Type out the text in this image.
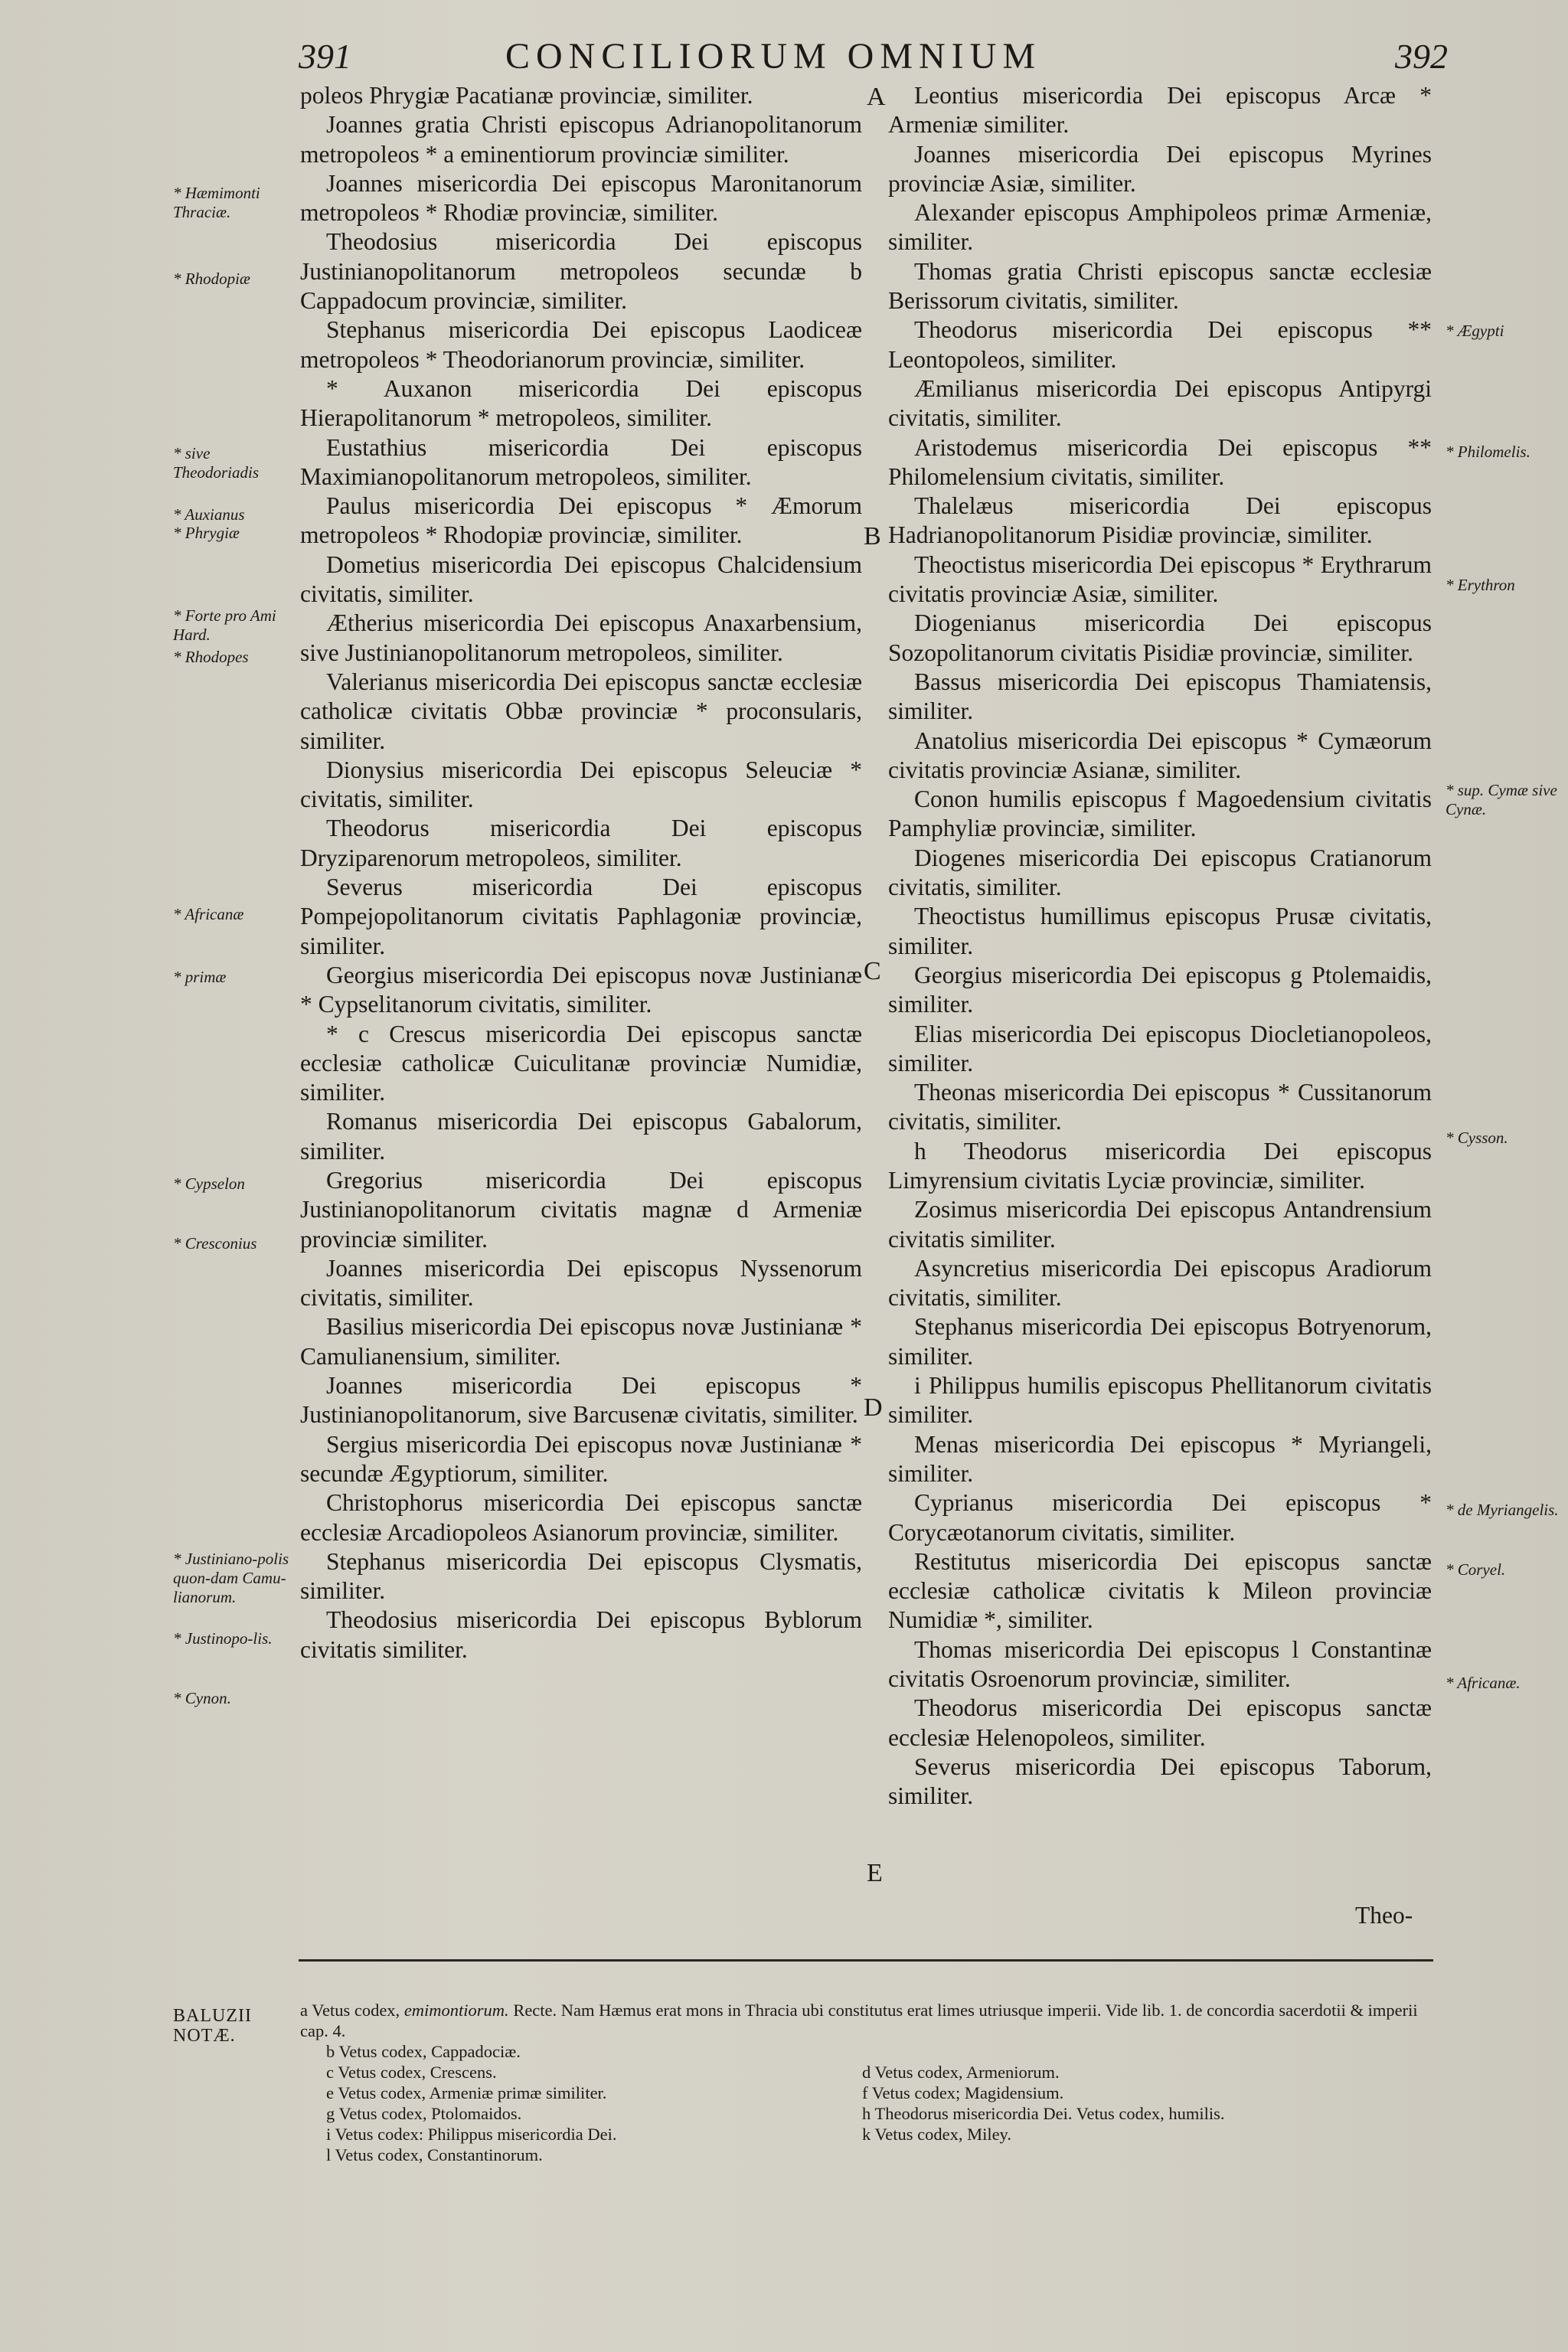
391	CONCILIORUM OMNIUM	392

poleos Phrygiæ Pacatianæ provinciæ, similiter.

Joannes gratia Christi episcopus Adrianopolitanorum metropoleos * a eminentiorum provinciæ similiter.

Joannes misericordia Dei episcopus Maronitanorum metropoleos * Rhodiæ provinciæ, similiter.

Theodosius misericordia Dei episcopus Justinianopolitanorum metropoleos secundæ b Cappadocum provinciæ, similiter.

Stephanus misericordia Dei episcopus Laodiceæ metropoleos * Theodorianorum provinciæ, similiter.

* Auxanon misericordia Dei episcopus Hierapolitanorum * metropoleos, similiter.

Eustathius misericordia Dei episcopus Maximianopolitanorum metropoleos, similiter.

Paulus misericordia Dei episcopus * Æmorum metropoleos * Rhodopiæ provinciæ, similiter.

Dometius misericordia Dei episcopus Chalcidensium civitatis, similiter.

Ætherius misericordia Dei episcopus Anaxarbensium, sive Justinianopolitanorum metropoleos, similiter.

Valerianus misericordia Dei episcopus sanctæ ecclesiæ catholicæ civitatis Obbæ provinciæ * proconsularis, similiter.

Dionysius misericordia Dei episcopus Seleuciæ * civitatis, similiter.

Theodorus misericordia Dei episcopus Dryziparenorum metropoleos, similiter.

Severus misericordia Dei episcopus Pompejopolitanorum civitatis Paphlagoniæ provinciæ, similiter.

Georgius misericordia Dei episcopus novæ Justinianæ * Cypselitanorum civitatis, similiter.

* c Crescus misericordia Dei episcopus sanctæ ecclesiæ catholicæ Cuiculitanæ provinciæ Numidiæ, similiter.

Romanus misericordia Dei episcopus Gabalorum, similiter.

Gregorius misericordia Dei episcopus Justinianopolitanorum civitatis magnæ d Armeniæ provinciæ similiter.

Joannes misericordia Dei episcopus Nyssenorum civitatis, similiter.

Basilius misericordia Dei episcopus novæ Justinianæ * Camulianensium, similiter.

Joannes misericordia Dei episcopus * Justinianopolitanorum, sive Barcusenæ civitatis, similiter.

Sergius misericordia Dei episcopus novæ Justinianæ * secundæ Ægyptiorum, similiter.

Christophorus misericordia Dei episcopus sanctæ ecclesiæ Arcadiopoleos Asianorum provinciæ, similiter.

Stephanus misericordia Dei episcopus Clysmatis, similiter.

Theodosius misericordia Dei episcopus Byblorum civitatis similiter.

Leontius misericordia Dei episcopus Arcæ * Armeniæ similiter.

Joannes misericordia Dei episcopus Myrines provinciæ Asiæ, similiter.

Alexander episcopus Amphipoleos primæ Armeniæ, similiter.

Thomas gratia Christi episcopus sanctæ ecclesiæ Berissorum civitatis, similiter.

Theodorus misericordia Dei episcopus ** Leontopoleos, similiter.

Æmilianus misericordia Dei episcopus Antipyrgi civitatis, similiter.

Aristodemus misericordia Dei episcopus ** Philomelensium civitatis, similiter.

Thalelæus misericordia Dei episcopus Hadrianopolitanorum Pisidiæ provinciæ, similiter.

Theoctistus misericordia Dei episcopus * Erythrarum civitatis provinciæ Asiæ, similiter.

Diogenianus misericordia Dei episcopus Sozopolitanorum civitatis Pisidiæ provinciæ, similiter.

Bassus misericordia Dei episcopus Thamiatensis, similiter.

Anatolius misericordia Dei episcopus * Cymæorum civitatis provinciæ Asianæ, similiter.

Conon humilis episcopus f Magoedensium civitatis Pamphyliæ provinciæ, similiter.

Diogenes misericordia Dei episcopus Cratianorum civitatis, similiter.

Theoctistus humillimus episcopus Prusæ civitatis, similiter.

Georgius misericordia Dei episcopus g Ptolemaidis, similiter.

Elias misericordia Dei episcopus Diocletianopoleos, similiter.

Theonas misericordia Dei episcopus * Cussitanorum civitatis, similiter.

h Theodorus misericordia Dei episcopus Limyrensium civitatis Lyciæ provinciæ, similiter.

Zosimus misericordia Dei episcopus Antandrensium civitatis similiter.

Asyncretius misericordia Dei episcopus Aradiorum civitatis, similiter.

Stephanus misericordia Dei episcopus Botryenorum, similiter.

i Philippus humilis episcopus Phellitanorum civitatis similiter.

Menas misericordia Dei episcopus * Myriangeli, similiter.

Cyprianus misericordia Dei episcopus * Corycæotanorum civitatis, similiter.

Restitutus misericordia Dei episcopus sanctæ ecclesiæ catholicæ civitatis k Mileon provinciæ Numidiæ *, similiter.

Thomas misericordia Dei episcopus l Constantinæ civitatis Osroenorum provinciæ, similiter.

Theodorus misericordia Dei episcopus sanctæ ecclesiæ Helenopoleos, similiter.

Severus misericordia Dei episcopus Taborum, similiter.

Theo-
A
B
C
D
E
* Hæmimonti Thraciæ.
* Rhodopiæ
* sive Theodoriadis
* Auxianus
* Phrygiæ
* Forte pro Ami Hard.
* Rhodopes
* Africanæ
* primæ
* Cypselon
* Cresconius
* Justiniano-polis quon-dam Camu-lianorum.
* Justinopo-lis.
* Cynon.
* Ægypti
* Philomelis.
* Erythron
* sup. Cymæ sive Cynæ.
* Cysson.
* de Myriangelis.
* Coryel.
* Africanæ.
BALUZII NOTÆ.

a Vetus codex, emimontiorum. Recte. Nam Hæmus erat mons in Thracia ubi constitutus erat limes utriusque imperii. Vide lib. 1. de concordia sacerdotii & imperii cap. 4.

b Vetus codex, Cappadociæ.
c Vetus codex, Crescens.	d Vetus codex, Armeniorum.
e Vetus codex, Armeniæ primæ similiter.	f Vetus codex; Magidensium.
g Vetus codex, Ptolomaidos.	h Theodorus misericordia Dei. Vetus codex, humilis.
i Vetus codex: Philippus misericordia Dei.	k Vetus codex, Miley.
l Vetus codex, Constantinorum.
